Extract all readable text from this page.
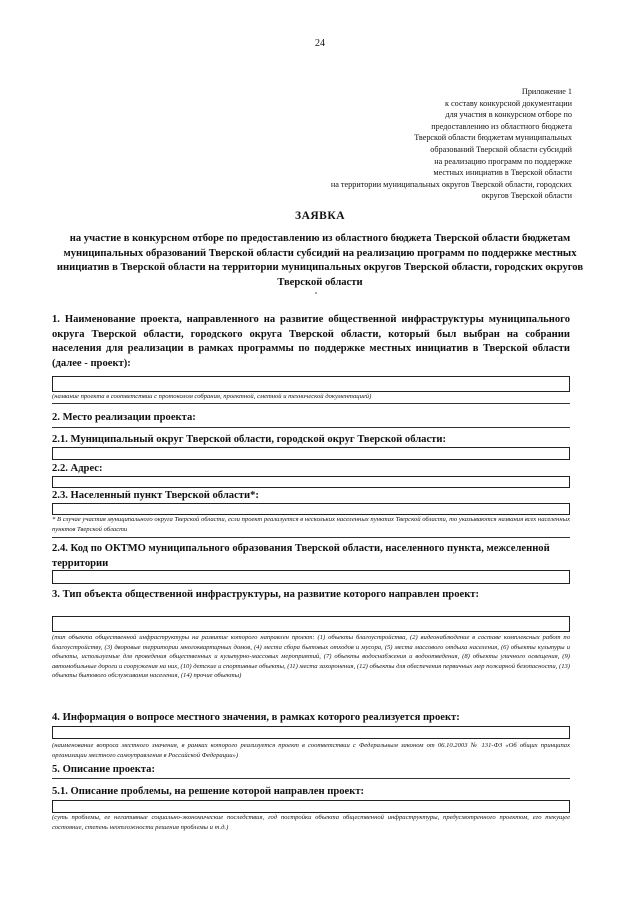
24
Приложение 1
к составу конкурсной документации
для участия в конкурсном отборе по
предоставлению из областного бюджета
Тверской области бюджетам муниципальных
образований Тверской области субсидий
на реализацию программ по поддержке
местных инициатив в Тверской области
на территории муниципальных округов Тверской области, городских
округов Тверской области
ЗАЯВКА
на участие в конкурсном отборе по предоставлению из областного бюджета Тверской области бюджетам муниципальных образований Тверской области субсидий на реализацию программ по поддержке местных инициатив в Тверской области на территории муниципальных округов Тверской области, городских округов Тверской области
1. Наименование проекта, направленного на развитие общественной инфраструктуры муниципального округа Тверской области, городского округа Тверской области, который был выбран на собрании населения для реализации в рамках программы по поддержке местных инициатив в Тверской области (далее - проект):
(название проекта в соответствии с протоколом собрания, проектной, сметной и технической документацией)
2. Место реализации проекта:
2.1. Муниципальный округ Тверской области, городской округ Тверской области:
2.2. Адрес:
2.3. Населенный пункт Тверской области*:
* В случае участия муниципального округа Тверской области, если проект реализуется в нескольких населенных пунктах Тверской области, то указываются названия всех населенных пунктов Тверской области
2.4. Код по ОКТМО муниципального образования Тверской области, населенного пункта, межселенной территории
3. Тип объекта общественной инфраструктуры, на развитие которого направлен проект:
(тип объекта общественной инфраструктуры на развитие которого направлен проект: (1) объекты благоустройства, (2) видеонаблюдение в составе комплексных работ по благоустройству, (3) дворовые территории многоквартирных домов, (4) места сбора бытовых отходов и мусора, (5) места массового отдыха населения, (6) объекты культуры и объекты, используемые для проведения общественных и культурно-массовых мероприятий, (7) объекты водоснабжения и водоотведения, (8) объекты уличного освещения, (9) автомобильные дороги и сооружения на них, (10) детские и спортивные объекты, (11) места захоронения, (12) объекты для обеспечения первичных мер пожарной безопасности, (13) объекты бытового обслуживания населения, (14) прочие объекты)
4. Информация о вопросе местного значения, в рамках которого реализуется проект:
(наименование вопроса местного значения, в рамках которого реализуется проект в соответствии с Федеральным законом от 06.10.2003 № 131-ФЗ «Об общих принципах организации местного самоуправления в Российской Федерации»)
5. Описание проекта:
5.1. Описание проблемы, на решение которой направлен проект:
(суть проблемы, ее негативные социально-экономические последствия, год постройки объекта общественной инфраструктуры, предусмотренного проектом, его текущее состояние, степень неотложности решения проблемы и т.д.)
